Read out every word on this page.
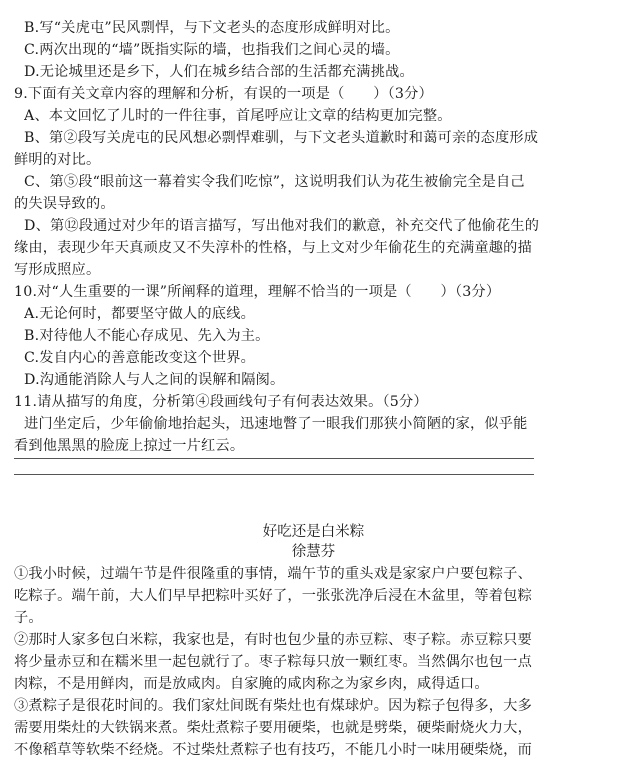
B.写“关虎屯”民风剽悍，与下文老头的态度形成鲜明对比。
C.两次出现的“墙”既指实际的墙，也指我们之间心灵的墙。
D.无论城里还是乡下，人们在城乡结合部的生活都充满挑战。
9.下面有关文章内容的理解和分析，有误的一项是（　　）（3分）
A、本文回忆了儿时的一件往事，首尾呼应让文章的结构更加完整。
B、第②段写关虎屯的民风想必剽悍难驯，与下文老头道歉时和蔼可亲的态度形成
鲜明的对比。
C、第⑤段“眼前这一幕着实令我们吃惊”，这说明我们认为花生被偷完全是自己
的失误导致的。
D、第⑫段通过对少年的语言描写，写出他对我们的歉意，补充交代了他偷花生的
缘由，表现少年天真顽皮又不失淳朴的性格，与上文对少年偷花生的充满童趣的描
写形成照应。
10.对“人生重要的一课”所阐释的道理，理解不恰当的一项是（　　）（3分）
A.无论何时，都要坚守做人的底线。
B.对待他人不能心存成见、先入为主。
C.发自内心的善意能改变这个世界。
D.沟通能消除人与人之间的误解和隔阂。
11.请从描写的角度，分析第④段画线句子有何表达效果。（5分）
进门坐定后，少年偷偷地抬起头，迅速地瞥了一眼我们那狭小简陋的家，似乎能
看到他黑黑的脸庞上掠过一片红云。
好吃还是白米粽
徐慧芬
①我小时候，过端午节是件很隆重的事情，端午节的重头戏是家家户户要包粽子、
吃粽子。端午前，大人们早早把粽叶买好了，一张张洗净后浸在木盆里，等着包粽
子。
②那时人家多包白米粽，我家也是，有时也包少量的赤豆粽、枣子粽。赤豆粽只要
将少量赤豆和在糯米里一起包就行了。枣子粽每只放一颗红枣。当然偶尔也包一点
肉粽，不是用鲜肉，而是放咸肉。自家腌的咸肉称之为家乡肉，咸得适口。
③煮粽子是很花时间的。我们家灶间既有柴灶也有煤球炉。因为粽子包得多，大多
需要用柴灶的大铁锅来煮。柴灶煮粽子要用硬柴，也就是劈柴，硬柴耐烧火力大，
不像稻草等软柴不经烧。不过柴灶煮粽子也有技巧，不能几小时一味用硬柴烧，而
